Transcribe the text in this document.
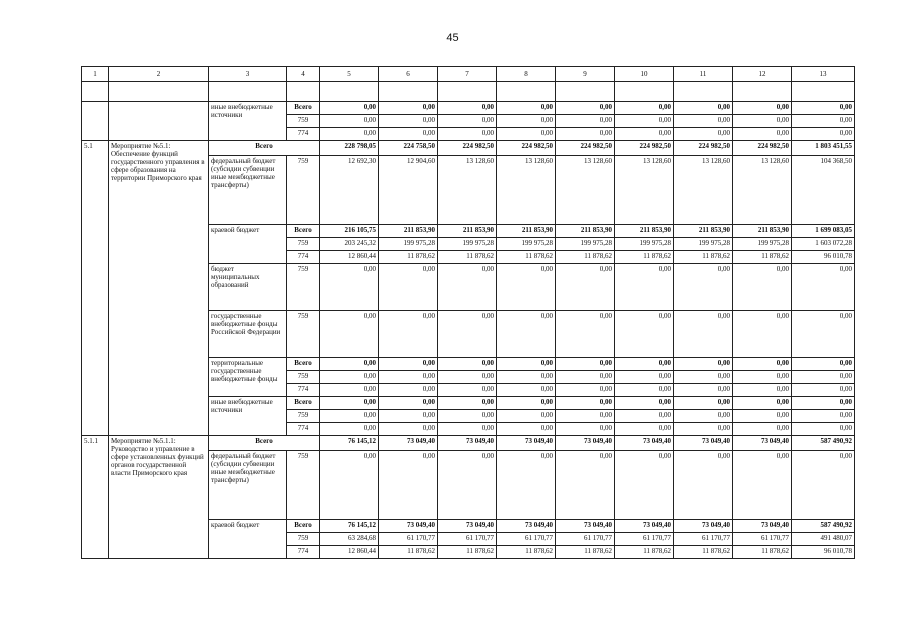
45
1	2	3	4	5	6	7	8	9	10	11	12	13

		иные внебюджетные источники	Всего	0,00	0,00	0,00	0,00	0,00	0,00	0,00	0,00	0,00
			759	0,00	0,00	0,00	0,00	0,00	0,00	0,00	0,00	0,00
			774	0,00	0,00	0,00	0,00	0,00	0,00	0,00	0,00	0,00
5.1	Мероприятие №5.1: Обеспечение функций государственного управления в сфере образования на территории Приморского края	Всего		228 798,05	224 758,50	224 982,50	224 982,50	224 982,50	224 982,50	224 982,50	224 982,50	1 803 451,55
		федеральный бюджет (субсидии субвенции иные межбюджетные трансферты)	759	12 692,30	12 904,60	13 128,60	13 128,60	13 128,60	13 128,60	13 128,60	13 128,60	104 368,50
		краевой бюджет	Всего	216 105,75	211 853,90	211 853,90	211 853,90	211 853,90	211 853,90	211 853,90	211 853,90	1 699 083,05
			759	203 245,32	199 975,28	199 975,28	199 975,28	199 975,28	199 975,28	199 975,28	199 975,28	1 603 072,28
			774	12 860,44	11 878,62	11 878,62	11 878,62	11 878,62	11 878,62	11 878,62	11 878,62	96 010,78
		бюджет муниципальных образований	759	0,00	0,00	0,00	0,00	0,00	0,00	0,00	0,00	0,00
		государственные внебюджетные фонды Российской Федерации	759	0,00	0,00	0,00	0,00	0,00	0,00	0,00	0,00	0,00
		территориальные государственные внебюджетные фонды	Всего	0,00	0,00	0,00	0,00	0,00	0,00	0,00	0,00	0,00
			759	0,00	0,00	0,00	0,00	0,00	0,00	0,00	0,00	0,00
			774	0,00	0,00	0,00	0,00	0,00	0,00	0,00	0,00	0,00
		иные внебюджетные источники	Всего	0,00	0,00	0,00	0,00	0,00	0,00	0,00	0,00	0,00
			759	0,00	0,00	0,00	0,00	0,00	0,00	0,00	0,00	0,00
			774	0,00	0,00	0,00	0,00	0,00	0,00	0,00	0,00	0,00
5.1.1	Мероприятие №5.1.1: Руководство и управление в сфере установленных функций органов государственной власти Приморского края	Всего		76 145,12	73 049,40	73 049,40	73 049,40	73 049,40	73 049,40	73 049,40	73 049,40	587 490,92
		федеральный бюджет (субсидии субвенции иные межбюджетные трансферты)	759	0,00	0,00	0,00	0,00	0,00	0,00	0,00	0,00	0,00
		краевой бюджет	Всего	76 145,12	73 049,40	73 049,40	73 049,40	73 049,40	73 049,40	73 049,40	73 049,40	587 490,92
			759	63 284,68	61 170,77	61 170,77	61 170,77	61 170,77	61 170,77	61 170,77	61 170,77	491 480,07
			774	12 860,44	11 878,62	11 878,62	11 878,62	11 878,62	11 878,62	11 878,62	11 878,62	96 010,78
